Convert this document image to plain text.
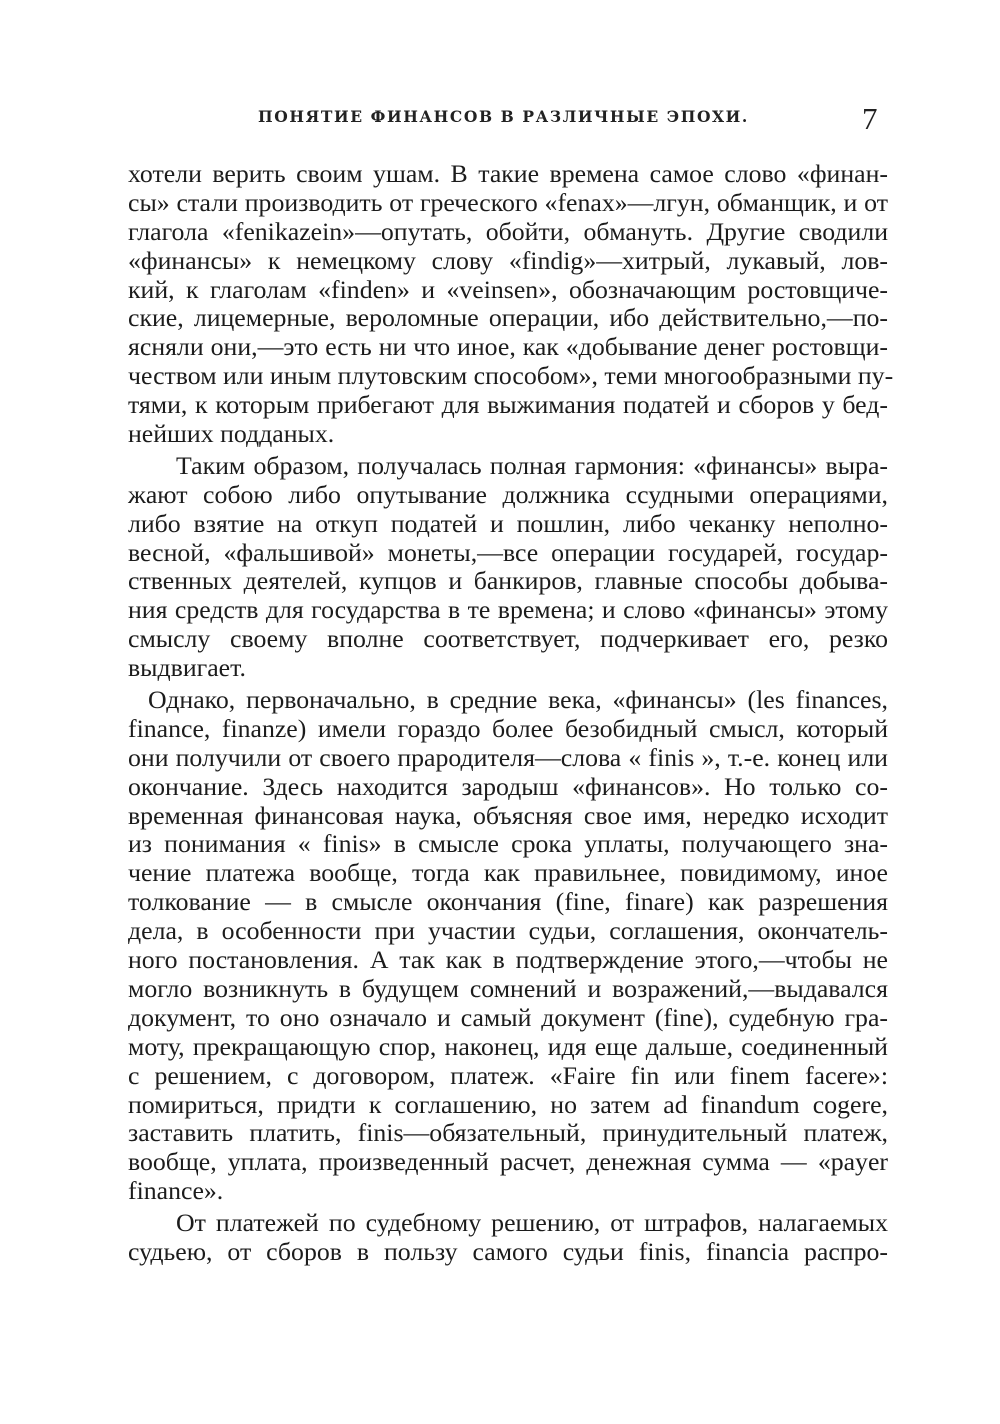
ПОНЯТИЕ ФИНАНСОВ В РАЗЛИЧНЫЕ ЭПОХИ.	7
хотели верить своим ушам. В такие времена самое слово «финан-
сы» стали производить от греческого «fenax»—лгун, обманщик, и от
глагола «fenikazein»—опутать, обойти, обмануть. Другие сводили
«финансы» к немецкому слову «findig»—хитрый, лукавый, лов-
кий, к глаголам «finden» и «veinsen», обозначающим ростовщиче-
ские, лицемерные, вероломные операции, ибо действительно,—по-
ясняли они,—это есть ни что иное, как «добывание денег ростовщи-
чеством или иным плутовским способом», теми многообразными пу-
тями, к которым прибегают для выжимания податей и сборов у бед-
нейших подданых.
Таким образом, получалась полная гармония: «финансы» выра-
жают собою либо опутывание должника ссудными операциями,
либо взятие на откуп податей и пошлин, либо чеканку неполно-
весной, «фальшивой» монеты,—все операции государей, государ-
ственных деятелей, купцов и банкиров, главные способы добыва-
ния средств для государства в те времена; и слово «финансы» этому
смыслу своему вполне соответствует, подчеркивает его, резко
выдвигает.
Однако, первоначально, в средние века, «финансы» (les finances,
finance, finanze) имели гораздо более безобидный смысл, который
они получили от своего прародителя—слова « finis », т.-е. конец или
окончание. Здесь находится зародыш «финансов». Но только со-
временная финансовая наука, объясняя свое имя, нередко исходит
из понимания « finis» в смысле срока уплаты, получающего зна-
чение платежа вообще, тогда как правильнее, повидимому, иное
толкование — в смысле окончания (fine, finare) как разрешения
дела, в особенности при участии судьи, соглашения, окончатель-
ного постановления. А так как в подтверждение этого,—чтобы не
могло возникнуть в будущем сомнений и возражений,—выдавался
документ, то оно означало и самый документ (fine), судебную гра-
моту, прекращающую спор, наконец, идя еще дальше, соединенный
с решением, с договором, платеж. «Faire fin или finem facere»:
помириться, придти к соглашению, но затем ad finandum cogere,
заставить платить, finis—обязательный, принудительный платеж,
вообще, уплата, произведенный расчет, денежная сумма — «payer
finance».
От платежей по судебному решению, от штрафов, налагаемых
судьею, от сборов в пользу самого судьи finis, financia распро-
